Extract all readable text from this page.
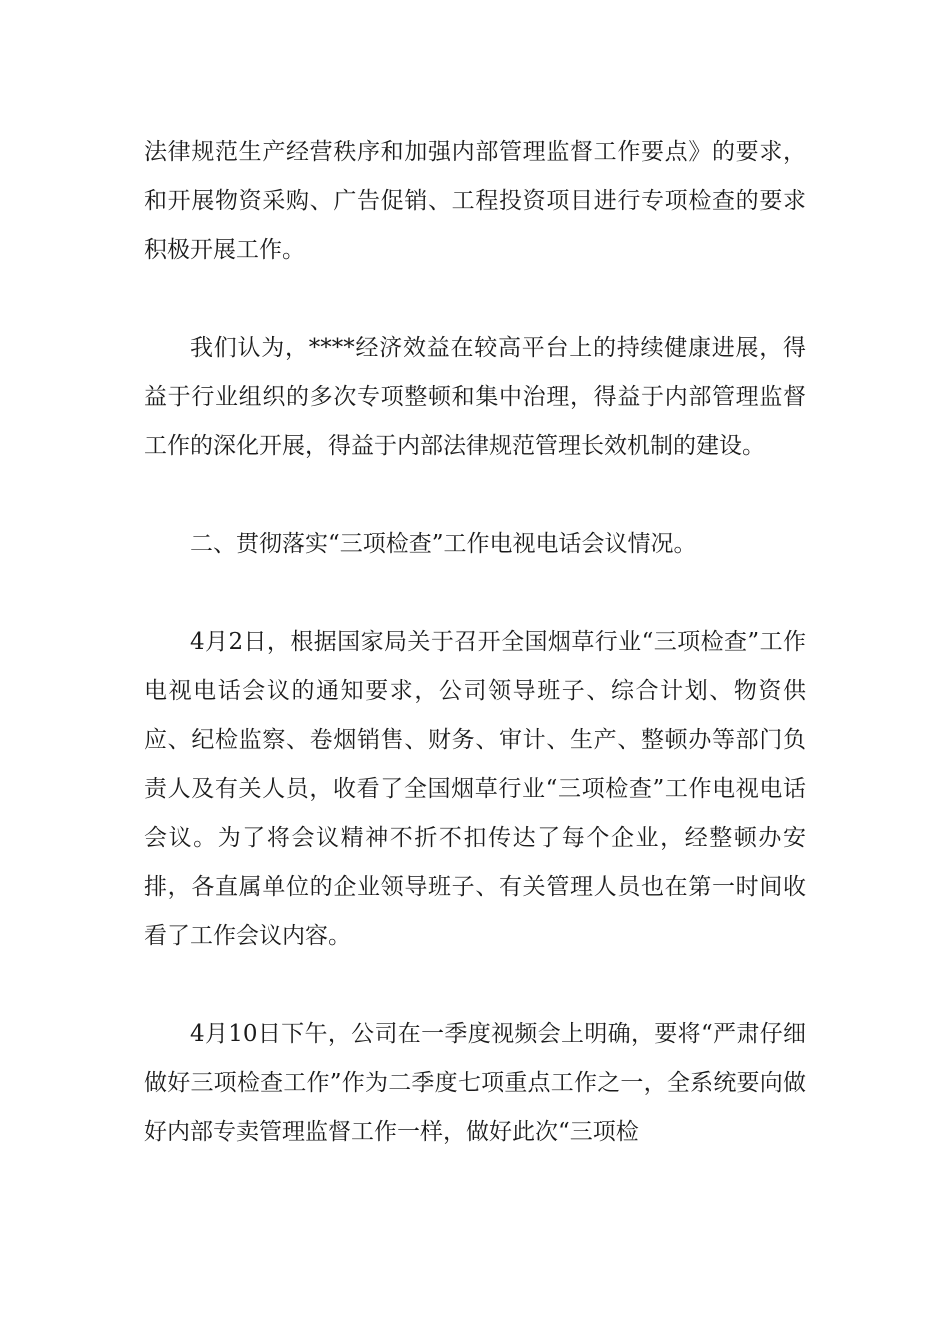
法律规范生产经营秩序和加强内部管理监督工作要点》的要求，和开展物资采购、广告促销、工程投资项目进行专项检查的要求积极开展工作。

我们认为，****经济效益在较高平台上的持续健康进展，得益于行业组织的多次专项整顿和集中治理，得益于内部管理监督工作的深化开展，得益于内部法律规范管理长效机制的建设。

二、贯彻落实“三项检查”工作电视电话会议情况。

4月2日，根据国家局关于召开全国烟草行业“三项检查”工作电视电话会议的通知要求，公司领导班子、综合计划、物资供应、纪检监察、卷烟销售、财务、审计、生产、整顿办等部门负责人及有关人员，收看了全国烟草行业“三项检查”工作电视电话会议。为了将会议精神不折不扣传达了每个企业，经整顿办安排，各直属单位的企业领导班子、有关管理人员也在第一时间收看了工作会议内容。

4月10日下午，公司在一季度视频会上明确，要将“严肃仔细做好三项检查工作”作为二季度七项重点工作之一，全系统要向做好内部专卖管理监督工作一样，做好此次“三项检
